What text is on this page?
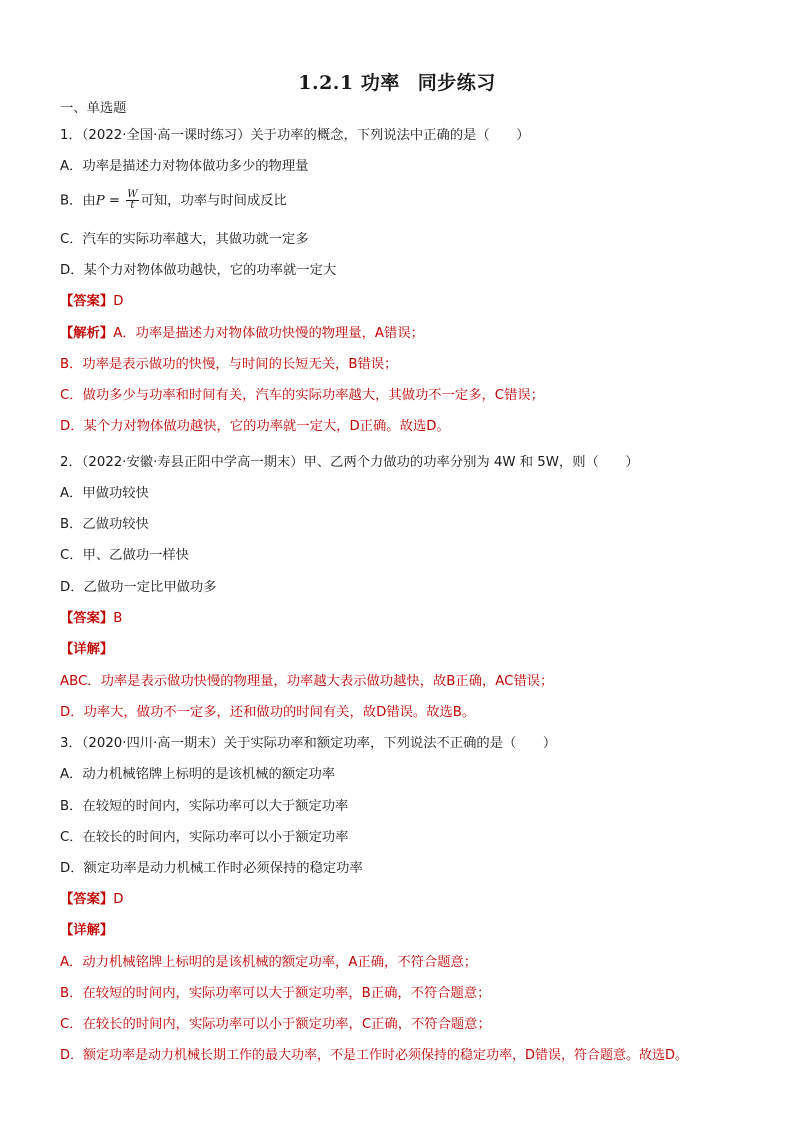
1.2.1 功率 同步练习
一、单选题
1．（2022·全国·高一课时练习）关于功率的概念，下列说法中正确的是（　　）
A．功率是描述力对物体做功多少的物理量
B．由$P = \frac{W}{t}$ 可知，功率与时间成反比
C．汽车的实际功率越大，其做功就一定多
D．某个力对物体做功越快，它的功率就一定大
【答案】D
【解析】A．功率是描述力对物体做功快慢的物理量，A错误；
B．功率是表示做功的快慢，与时间的长短无关，B错误；
C．做功多少与功率和时间有关，汽车的实际功率越大，其做功不一定多，C错误；
D．某个力对物体做功越快，它的功率就一定大，D正确。故选D。
2．（2022·安徽·寿县正阳中学高一期末）甲、乙两个力做功的功率分别为 4W 和 5W，则（　　）
A．甲做功较快
B．乙做功较快
C．甲、乙做功一样快
D．乙做功一定比甲做功多
【答案】B
【详解】
ABC．功率是表示做功快慢的物理量，功率越大表示做功越快，故B正确，AC错误；
D．功率大，做功不一定多，还和做功的时间有关，故D错误。故选B。
3．（2020·四川·高一期末）关于实际功率和额定功率，下列说法不正确的是（　　）
A．动力机械铭牌上标明的是该机械的额定功率
B．在较短的时间内，实际功率可以大于额定功率
C．在较长的时间内，实际功率可以小于额定功率
D．额定功率是动力机械工作时必须保持的稳定功率
【答案】D
【详解】
A．动力机械铭牌上标明的是该机械的额定功率，A正确，不符合题意；
B．在较短的时间内，实际功率可以大于额定功率，B正确，不符合题意；
C．在较长的时间内，实际功率可以小于额定功率，C正确，不符合题意；
D．额定功率是动力机械长期工作的最大功率，不是工作时必须保持的稳定功率，D错误，符合题意。故选D。
